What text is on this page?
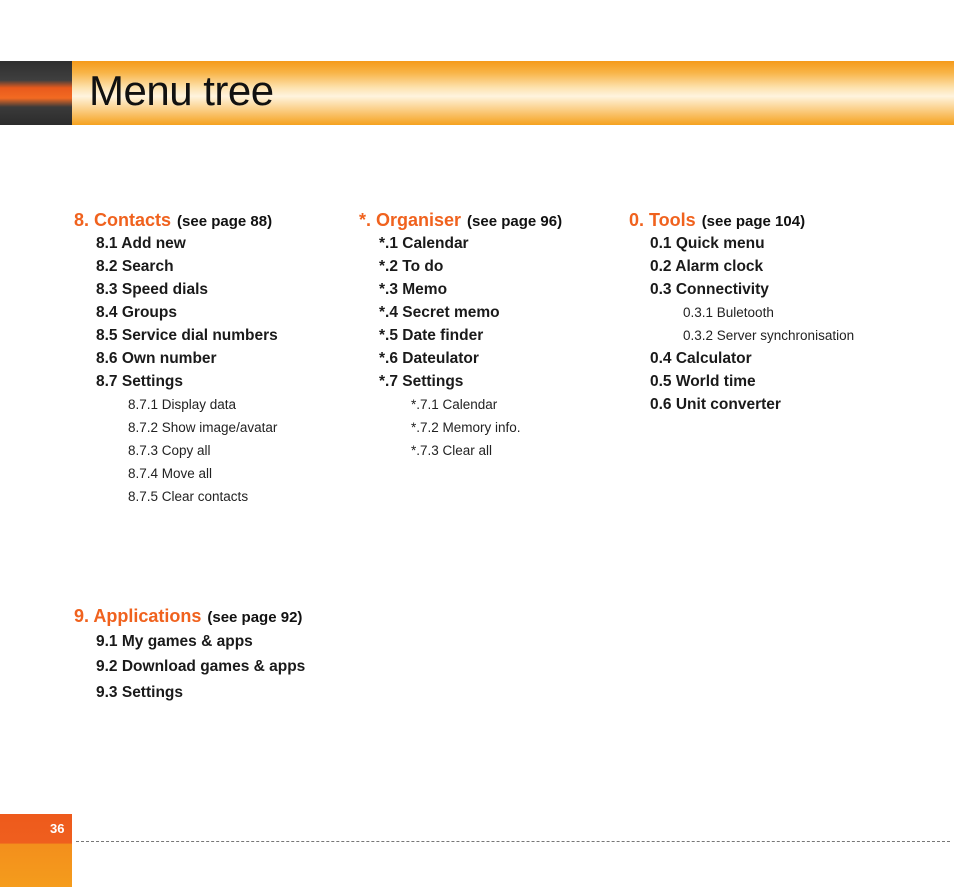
Menu tree
8. Contacts (see page 88)
8.1 Add new
8.2 Search
8.3 Speed dials
8.4 Groups
8.5 Service dial numbers
8.6 Own number
8.7 Settings
8.7.1 Display data
8.7.2 Show image/avatar
8.7.3 Copy all
8.7.4 Move all
8.7.5 Clear contacts
9. Applications (see page 92)
9.1 My games & apps
9.2 Download games & apps
9.3 Settings
*. Organiser (see page 96)
*.1 Calendar
*.2 To do
*.3 Memo
*.4 Secret memo
*.5 Date finder
*.6 Dateulator
*.7 Settings
*.7.1 Calendar
*.7.2 Memory info.
*.7.3 Clear all
0. Tools (see page 104)
0.1 Quick menu
0.2 Alarm clock
0.3 Connectivity
0.3.1 Buletooth
0.3.2 Server synchronisation
0.4 Calculator
0.5 World time
0.6 Unit converter
36
